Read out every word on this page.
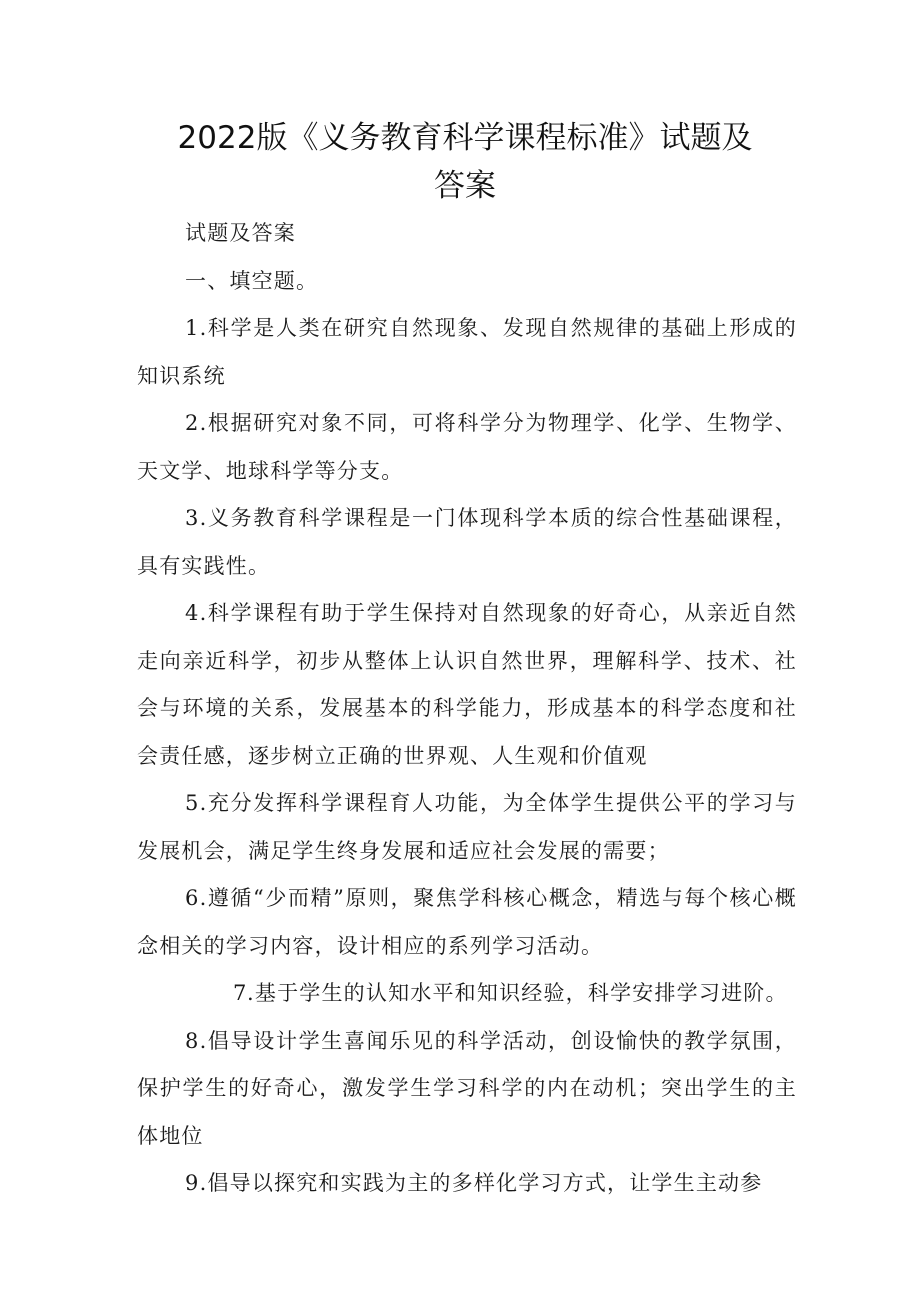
2022版《义务教育科学课程标准》试题及
答案

试题及答案

一、填空题。

1.科学是人类在研究自然现象、发现自然规律的基础上形成的知识系统

2.根据研究对象不同，可将科学分为物理学、化学、生物学、天文学、地球科学等分支。

3.义务教育科学课程是一门体现科学本质的综合性基础课程，具有实践性。

4.科学课程有助于学生保持对自然现象的好奇心，从亲近自然走向亲近科学，初步从整体上认识自然世界，理解科学、技术、社会与环境的关系，发展基本的科学能力，形成基本的科学态度和社会责任感，逐步树立正确的世界观、人生观和价值观

5.充分发挥科学课程育人功能，为全体学生提供公平的学习与发展机会，满足学生终身发展和适应社会发展的需要；

6.遵循“少而精”原则，聚焦学科核心概念，精选与每个核心概念相关的学习内容，设计相应的系列学习活动。

7.基于学生的认知水平和知识经验，科学安排学习进阶。

8.倡导设计学生喜闻乐见的科学活动，创设愉快的教学氛围，保护学生的好奇心，激发学生学习科学的内在动机；突出学生的主体地位

9.倡导以探究和实践为主的多样化学习方式，让学生主动参
